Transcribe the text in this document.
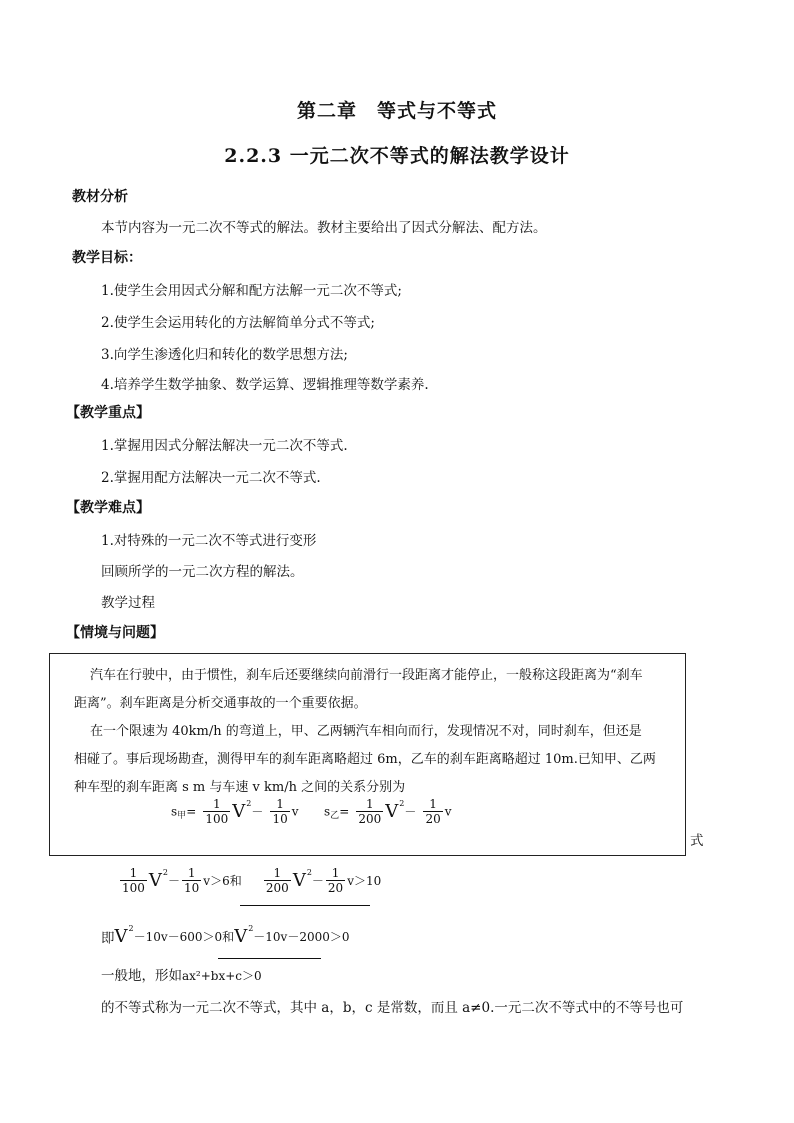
第二章　等式与不等式
2.2.3 一元二次不等式的解法教学设计
教材分析
本节内容为一元二次不等式的解法。教材主要给出了因式分解法、配方法。
教学目标：
1.使学生会用因式分解和配方法解一元二次不等式;
2.使学生会运用转化的方法解简单分式不等式;
3.向学生渗透化归和转化的数学思想方法;
4.培养学生数学抽象、数学运算、逻辑推理等数学素养.
【教学重点】
1.掌握用因式分解法解决一元二次不等式.
2.掌握用配方法解决一元二次不等式.
【教学难点】
1.对特殊的一元二次不等式进行变形
回顾所学的一元二次方程的解法。
教学过程
【情境与问题】
汽车在行驶中，由于惯性，刹车后还要继续向前滑行一段距离才能停止，一般称这段距离为“刹车
距离”。刹车距离是分析交通事故的一个重要依据。
在一个限速为 40km/h 的弯道上，甲、乙两辆汽车相向而行，发现情况不对，同时刹车，但还是
相碰了。事后现场勘查，测得甲车的刹车距离略超过 6m，乙车的刹车距离略超过 10m.已知甲、乙两
种车型的刹车距离 s m 与车速 v km/h 之间的关系分别为
$s_甲= \frac{1}{100} V^2- \frac{1}{10}$ v $s_乙= \frac{1}{200} V^2- \frac{1}{20}$ v
式
$\frac{1}{100} V^2- \frac{1}{10} v>6$和 $\frac{1}{200} V^2- \frac{1}{20} v>10$
即$V^2-10v-600>0$和$V^2-10v-2000>0$
一般地，形如ax²+bx+c＞0
的不等式称为一元二次不等式，其中 a，b，c 是常数，而且 a≠0.一元二次不等式中的不等号也可
